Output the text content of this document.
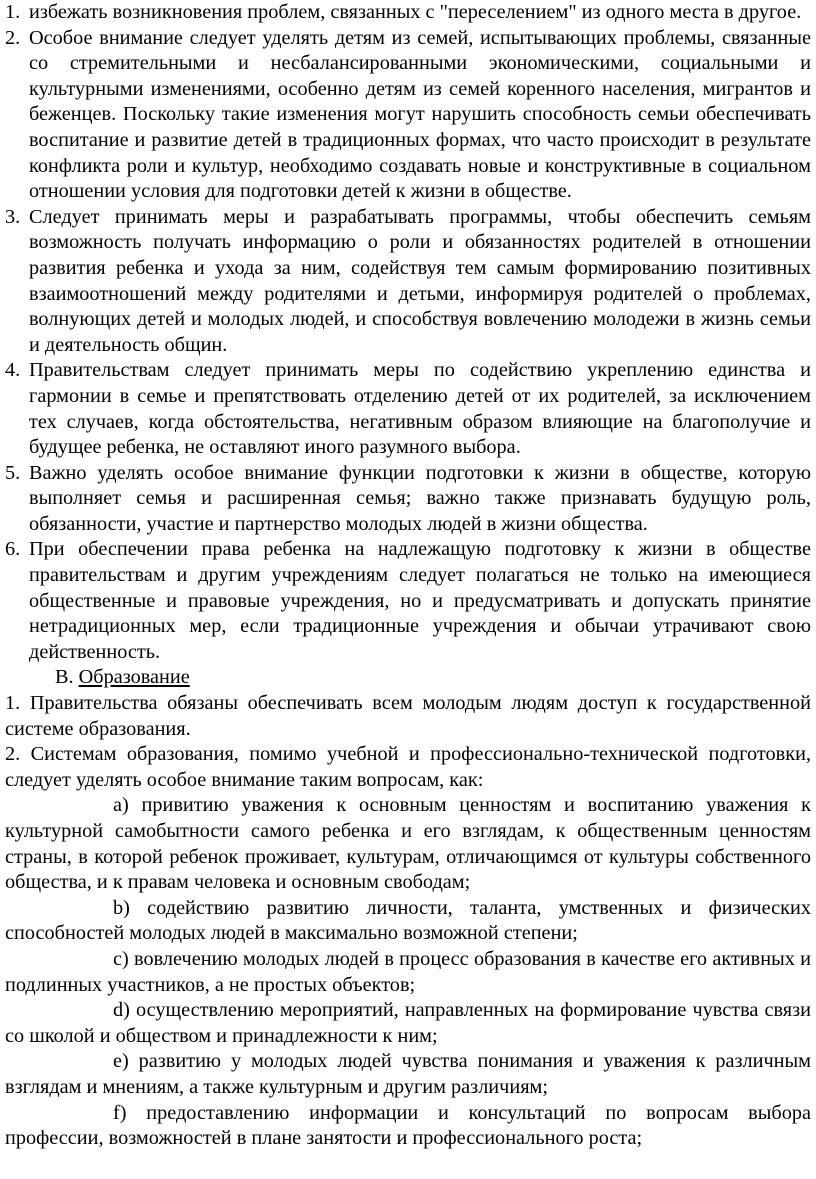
1. избежать возникновения проблем, связанных с "переселением" из одного места в другое.
2. Особое внимание следует уделять детям из семей, испытывающих проблемы, связанные со стремительными и несбалансированными экономическими, социальными и культурными изменениями, особенно детям из семей коренного населения, мигрантов и беженцев. Поскольку такие изменения могут нарушить способность семьи обеспечивать воспитание и развитие детей в традиционных формах, что часто происходит в результате конфликта роли и культур, необходимо создавать новые и конструктивные в социальном отношении условия для подготовки детей к жизни в обществе.
3. Следует принимать меры и разрабатывать программы, чтобы обеспечить семьям возможность получать информацию о роли и обязанностях родителей в отношении развития ребенка и ухода за ним, содействуя тем самым формированию позитивных взаимоотношений между родителями и детьми, информируя родителей о проблемах, волнующих детей и молодых людей, и способствуя вовлечению молодежи в жизнь семьи и деятельность общин.
4. Правительствам следует принимать меры по содействию укреплению единства и гармонии в семье и препятствовать отделению детей от их родителей, за исключением тех случаев, когда обстоятельства, негативным образом влияющие на благополучие и будущее ребенка, не оставляют иного разумного выбора.
5. Важно уделять особое внимание функции подготовки к жизни в обществе, которую выполняет семья и расширенная семья; важно также признавать будущую роль, обязанности, участие и партнерство молодых людей в жизни общества.
6. При обеспечении права ребенка на надлежащую подготовку к жизни в обществе правительствам и другим учреждениям следует полагаться не только на имеющиеся общественные и правовые учреждения, но и предусматривать и допускать принятие нетрадиционных мер, если традиционные учреждения и обычаи утрачивают свою действенность.

B. Образование

1. Правительства обязаны обеспечивать всем молодым людям доступ к государственной системе образования.

2. Системам образования, помимо учебной и профессионально-технической подготовки, следует уделять особое внимание таким вопросам, как:

a) привитию уважения к основным ценностям и воспитанию уважения к культурной самобытности самого ребенка и его взглядам, к общественным ценностям страны, в которой ребенок проживает, культурам, отличающимся от культуры собственного общества, и к правам человека и основным свободам;

b) содействию развитию личности, таланта, умственных и физических способностей молодых людей в максимально возможной степени;

c) вовлечению молодых людей в процесс образования в качестве его активных и подлинных участников, а не простых объектов;

d) осуществлению мероприятий, направленных на формирование чувства связи со школой и обществом и принадлежности к ним;

e) развитию у молодых людей чувства понимания и уважения к различным взглядам и мнениям, а также культурным и другим различиям;

f) предоставлению информации и консультаций по вопросам выбора профессии, возможностей в плане занятости и профессионального роста;
